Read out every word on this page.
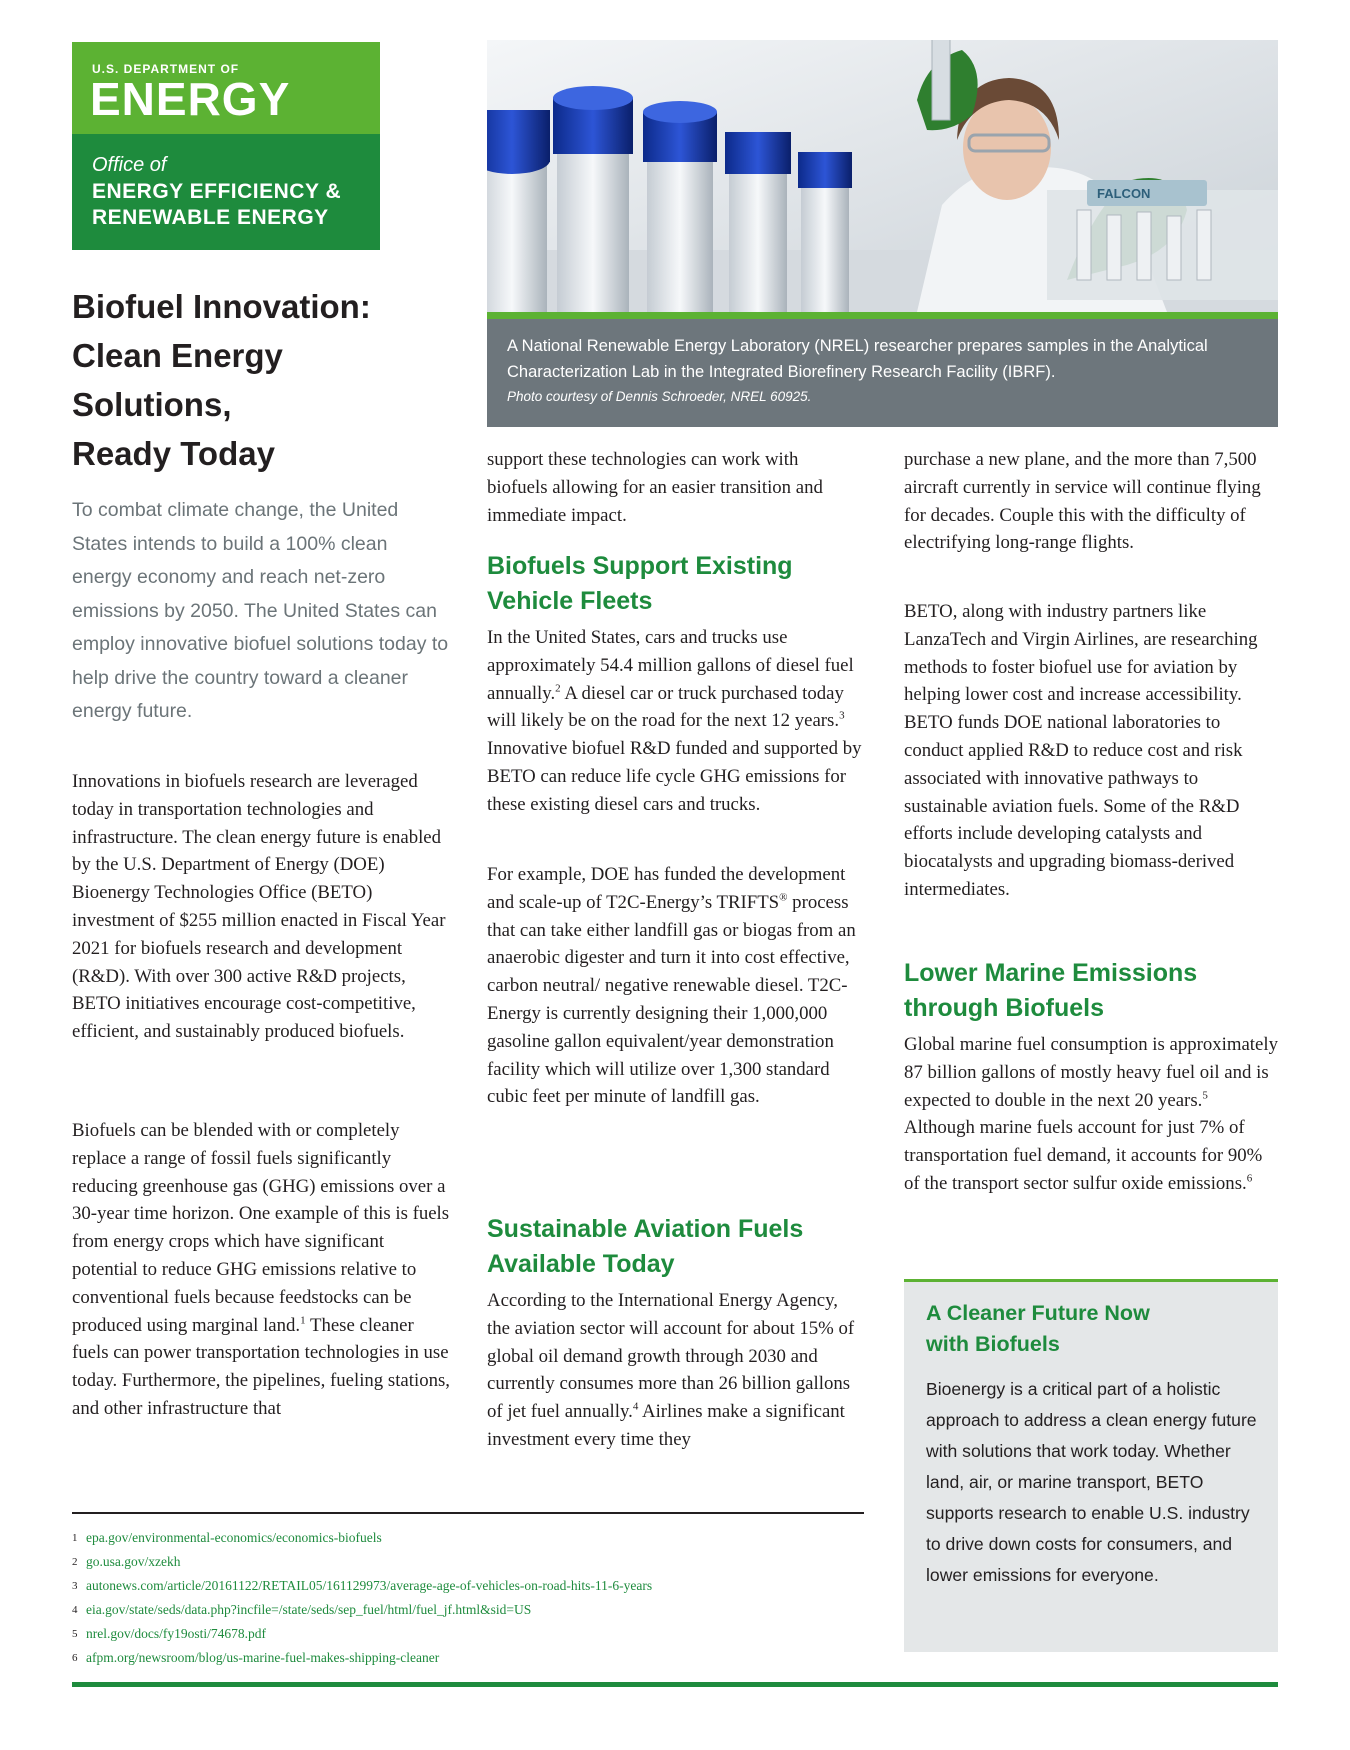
U.S. DEPARTMENT OF
ENERGY
Office of
ENERGY EFFICIENCY &
RENEWABLE ENERGY
FALCON
A National Renewable Energy Laboratory (NREL) researcher prepares samples in the Analytical Characterization Lab in the Integrated Biorefinery Research Facility (IBRF).
Photo courtesy of Dennis Schroeder, NREL 60925.
Biofuel Innovation:
Clean Energy
Solutions,
Ready Today
To combat climate change, the United States intends to build a 100% clean energy economy and reach net-zero emissions by 2050. The United States can employ innovative biofuel solutions today to help drive the country toward a cleaner energy future.

Innovations in biofuels research are leveraged today in transportation technologies and infrastructure. The clean energy future is enabled by the U.S. Department of Energy (DOE) Bioenergy Technologies Office (BETO) investment of $255 million enacted in Fiscal Year 2021 for biofuels research and development (R&D). With over 300 active R&D projects, BETO initiatives encourage cost-competitive, efficient, and sustainably produced biofuels.

Biofuels can be blended with or completely replace a range of fossil fuels significantly reducing greenhouse gas (GHG) emissions over a 30-year time horizon. One example of this is fuels from energy crops which have significant potential to reduce GHG emissions relative to conventional fuels because feedstocks can be produced using marginal land.$^1$ These cleaner fuels can power transportation technologies in use today. Furthermore, the pipelines, fueling stations, and other infrastructure that

support these technologies can work with biofuels allowing for an easier transition and immediate impact.

Biofuels Support Existing
Vehicle Fleets

In the United States, cars and trucks use approximately 54.4 million gallons of diesel fuel annually.$^2$ A diesel car or truck purchased today will likely be on the road for the next 12 years.$^3$ Innovative biofuel R&D funded and supported by BETO can reduce life cycle GHG emissions for these existing diesel cars and trucks.

For example, DOE has funded the development and scale-up of T2C-Energy’s TRIFTS® process that can take either landfill gas or biogas from an anaerobic digester and turn it into cost effective, carbon neutral/ negative renewable diesel. T2C-Energy is currently designing their 1,000,000 gasoline gallon equivalent/year demonstration facility which will utilize over 1,300 standard cubic feet per minute of landfill gas.

Sustainable Aviation Fuels
Available Today

According to the International Energy Agency, the aviation sector will account for about 15% of global oil demand growth through 2030 and currently consumes more than 26 billion gallons of jet fuel annually.$^4$ Airlines make a significant investment every time they

purchase a new plane, and the more than 7,500 aircraft currently in service will continue flying for decades. Couple this with the difficulty of electrifying long-range flights.

BETO, along with industry partners like LanzaTech and Virgin Airlines, are researching methods to foster biofuel use for aviation by helping lower cost and increase accessibility. BETO funds DOE national laboratories to conduct applied R&D to reduce cost and risk associated with innovative pathways to sustainable aviation fuels. Some of the R&D efforts include developing catalysts and biocatalysts and upgrading biomass-derived intermediates.

Lower Marine Emissions
through Biofuels

Global marine fuel consumption is approximately 87 billion gallons of mostly heavy fuel oil and is expected to double in the next 20 years.$^5$ Although marine fuels account for just 7% of transportation fuel demand, it accounts for 90% of the transport sector sulfur oxide emissions.$^6$

A Cleaner Future Now
with Biofuels
Bioenergy is a critical part of a holistic approach to address a clean energy future with solutions that work today. Whether land, air, or marine transport, BETO supports research to enable U.S. industry to drive down costs for consumers, and lower emissions for everyone.
1 epa.gov/environmental-economics/economics-biofuels
2 go.usa.gov/xzekh
3 autonews.com/article/20161122/RETAIL05/161129973/average-age-of-vehicles-on-road-hits-11-6-years
4 eia.gov/state/seds/data.php?incfile=/state/seds/sep_fuel/html/fuel_jf.html&sid=US
5 nrel.gov/docs/fy19osti/74678.pdf
6 afpm.org/newsroom/blog/us-marine-fuel-makes-shipping-cleaner
